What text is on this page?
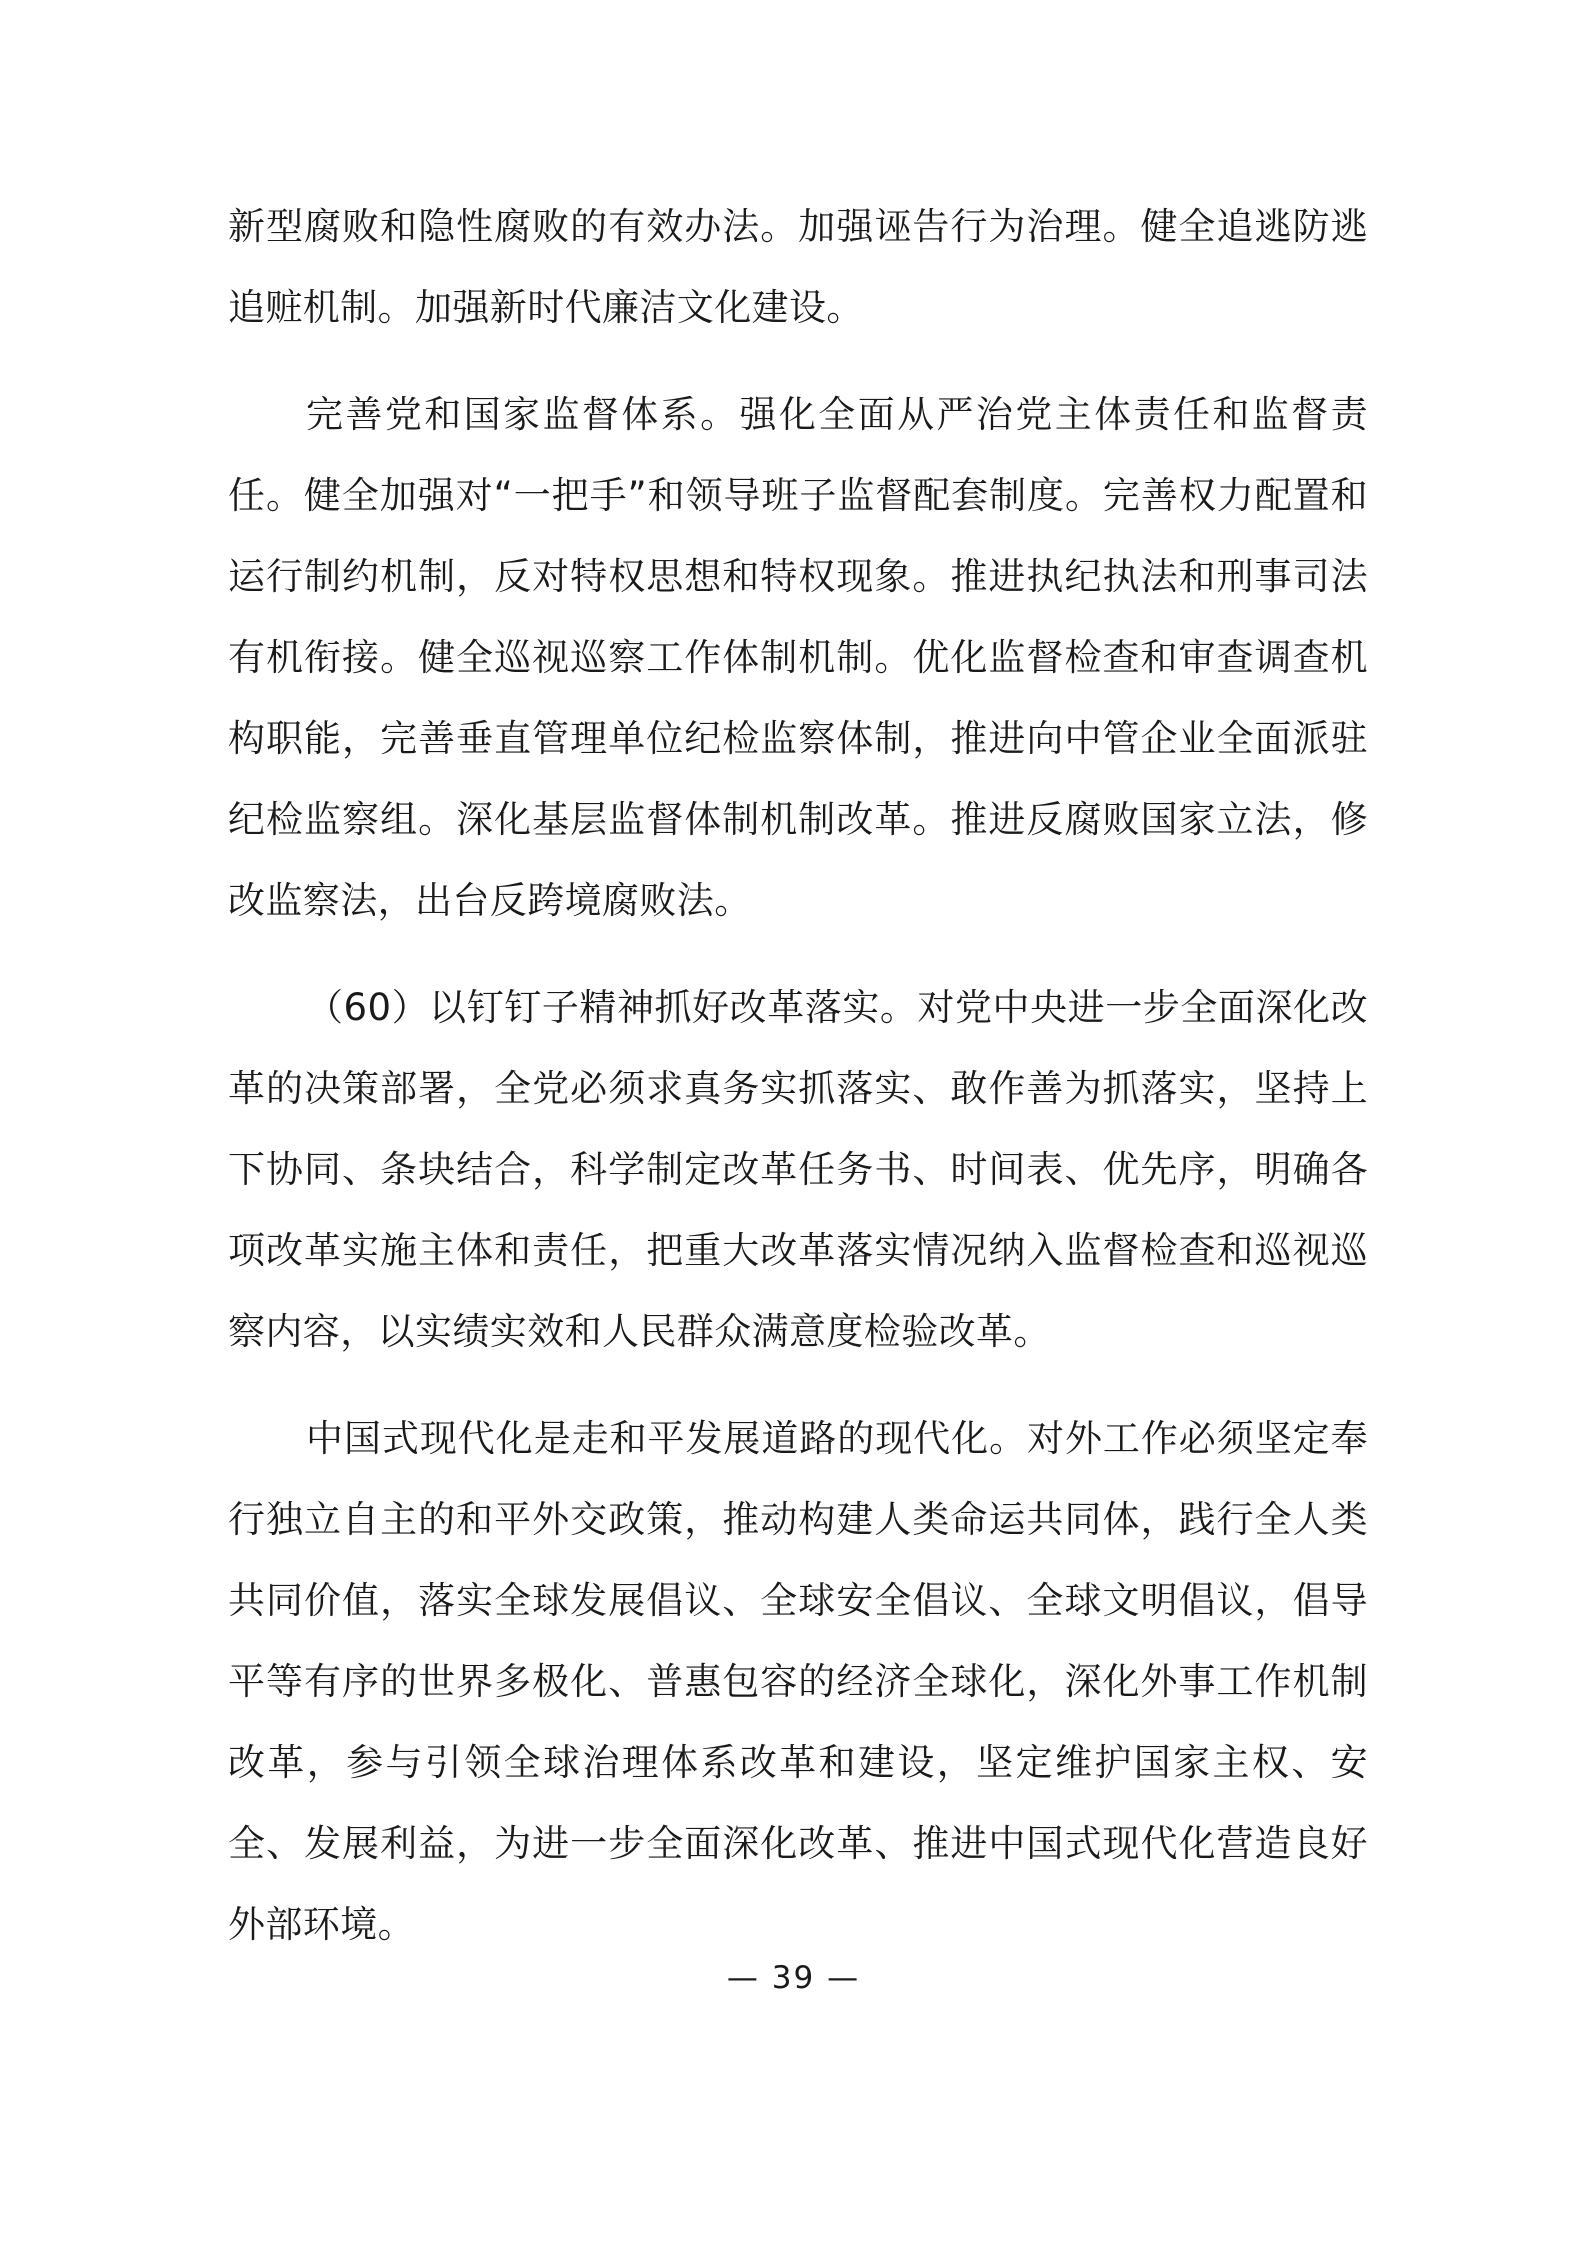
新型腐败和隐性腐败的有效办法。加强诬告行为治理。健全追逃防逃追赃机制。加强新时代廉洁文化建设。

完善党和国家监督体系。强化全面从严治党主体责任和监督责任。健全加强对“一把手”和领导班子监督配套制度。完善权力配置和运行制约机制，反对特权思想和特权现象。推进执纪执法和刑事司法有机衔接。健全巡视巡察工作体制机制。优化监督检查和审查调查机构职能，完善垂直管理单位纪检监察体制，推进向中管企业全面派驻纪检监察组。深化基层监督体制机制改革。推进反腐败国家立法，修改监察法，出台反跨境腐败法。

（60）以钉钉子精神抓好改革落实。对党中央进一步全面深化改革的决策部署，全党必须求真务实抓落实、敢作善为抓落实，坚持上下协同、条块结合，科学制定改革任务书、时间表、优先序，明确各项改革实施主体和责任，把重大改革落实情况纳入监督检查和巡视巡察内容，以实绩实效和人民群众满意度检验改革。

中国式现代化是走和平发展道路的现代化。对外工作必须坚定奉行独立自主的和平外交政策，推动构建人类命运共同体，践行全人类共同价值，落实全球发展倡议、全球安全倡议、全球文明倡议，倡导平等有序的世界多极化、普惠包容的经济全球化，深化外事工作机制改革，参与引领全球治理体系改革和建设，坚定维护国家主权、安全、发展利益，为进一步全面深化改革、推进中国式现代化营造良好外部环境。

— 39 —
